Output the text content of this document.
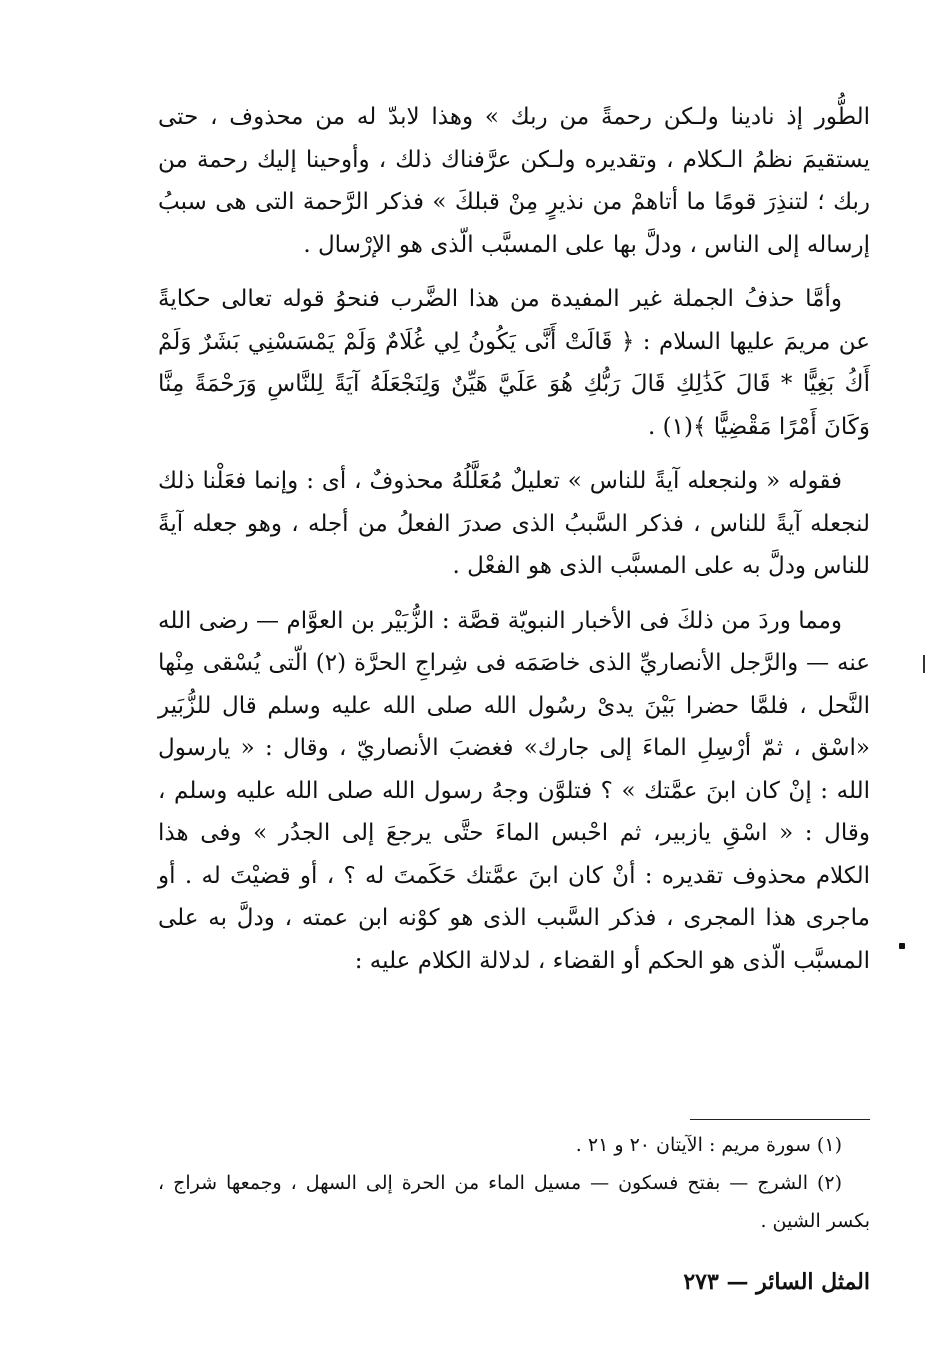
الطُّور إذ نادينا ولـكن رحمةً من ربك » وهذا لابدّ له من محذوف ، حتى يستقيمَ نظمُ الـكلام ، وتقديره ولـكن عرَّفناك ذلك ، وأوحينا إليك رحمة من ربك ؛ لتنذِرَ قومًا ما أتاهمْ من نذيرٍ مِنْ قبلكَ » فذكر الرَّحمة التى هى سببُ إرساله إلى الناس ، ودلَّ بها على المسبَّب الّذى هو الإرْسال .

وأمَّا حذفُ الجملة غير المفيدة من هذا الضَّرب فنحوُ قوله تعالى حكايةً عن مريمَ عليها السلام : ﴿ قَالَتْ أَنَّى يَكُونُ لِي غُلَامٌ وَلَمْ يَمْسَسْنِي بَشَرٌ وَلَمْ أَكُ بَغِيًّا * قَالَ كَذَٰلِكِ قَالَ رَبُّكِ هُوَ عَلَيَّ هَيِّنٌ وَلِنَجْعَلَهُ آيَةً لِلنَّاسِ وَرَحْمَةً مِنَّا وَكَانَ أَمْرًا مَقْضِيًّا ﴾(١) .

فقوله « ولنجعله آيةً للناس » تعليلٌ مُعَلَّلُهُ محذوفٌ ، أى : وإنما فعَلْنا ذلك لنجعله آيةً للناس ، فذكر السَّببُ الذى صدرَ الفعلُ من أجله ، وهو جعله آيةً للناس ودلَّ به على المسبَّب الذى هو الفعْل .

ومما وردَ من ذلكَ فى الأخبار النبويّة قصَّة : الزُّبَيْر بن العوَّام — رضى الله عنه — والرَّجل الأنصاريِّ الذى خاصَمَه فى شِراجِ الحرَّة (٢) الّتى يُسْقى مِنْها النَّحل ، فلمَّا حضرا بَيْنَ يدىْ رسُول الله صلى الله عليه وسلم قال للزُّبَير «اسْق ، ثمّ أرْسِلِ الماءَ إلى جارك» فغضبَ الأنصاريّ ، وقال : « يارسول الله : إنْ كان ابنَ عمَّتك » ؟ فتلوَّن وجهُ رسول الله صلى الله عليه وسلم ، وقال : « اسْقِ يازبير، ثم احْبس الماءَ حتَّى يرجعَ إلى الجدُر » وفى هذا الكلام محذوف تقديره : أنْ كان ابنَ عمَّتك حَكَمتَ له ؟ ، أو قضيْتَ له . أو ماجرى هذا المجرى ، فذكر السَّبب الذى هو كوْنه ابن عمته ، ودلَّ به على المسبَّب الّذى هو الحكم أو القضاء ، لدلالة الكلام عليه :

(١) سورة مريم : الآيتان ٢٠ و ٢١ .

(٢) الشرج — بفتح فسكون — مسيل الماء من الحرة إلى السهل ، وجمعها شراج ، بكسر الشين .

المثل السائر — ٢٧٣
